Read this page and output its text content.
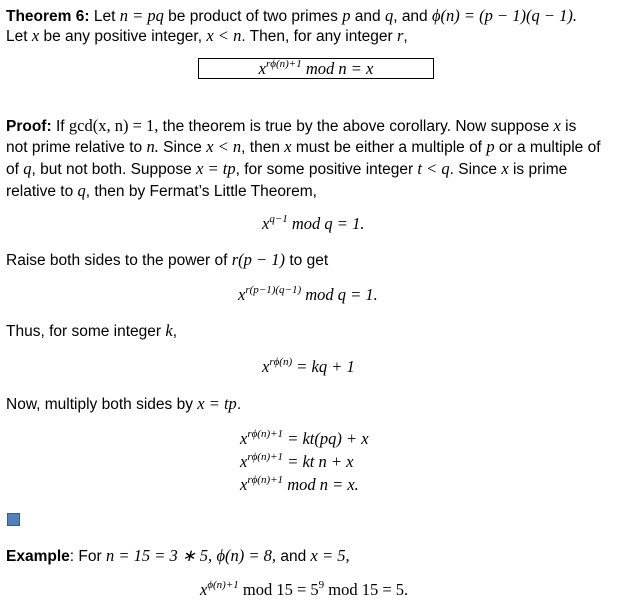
Theorem 6: Let n = pq be product of two primes p and q, and ϕ(n) = (p − 1)(q − 1).
Let x be any positive integer, x < n. Then, for any integer r,
$x^{r\phi(n)+1}$ mod n = x
Proof: If gcd(x, n) = 1, the theorem is true by the above corollary. Now suppose x is
not prime relative to n. Since x < n, then x must be either a multiple of p or a multiple of
of q, but not both. Suppose x = tp, for some positive integer t < q. Since x is prime
relative to q, then by Fermat’s Little Theorem,
$x^{q-1}$ mod q = 1.
Raise both sides to the power of r(p − 1) to get
$x^{r(p-1)(q-1)}$ mod q = 1.
Thus, for some integer k,
$x^{r\phi(n)}$ = kq + 1
Now, multiply both sides by x = tp.
$x^{r\phi(n)+1} = kt(pq) + x$
$x^{r\phi(n)+1}$ = kt n + x
$x^{r\phi(n)+1}$ mod n = x.
Example: For n = 15 = 3 ∗ 5, ϕ(n) = 8, and x = 5,
$x^{\phi(n)+1}$ mod $15 = 5^9$ mod 15 = 5.
